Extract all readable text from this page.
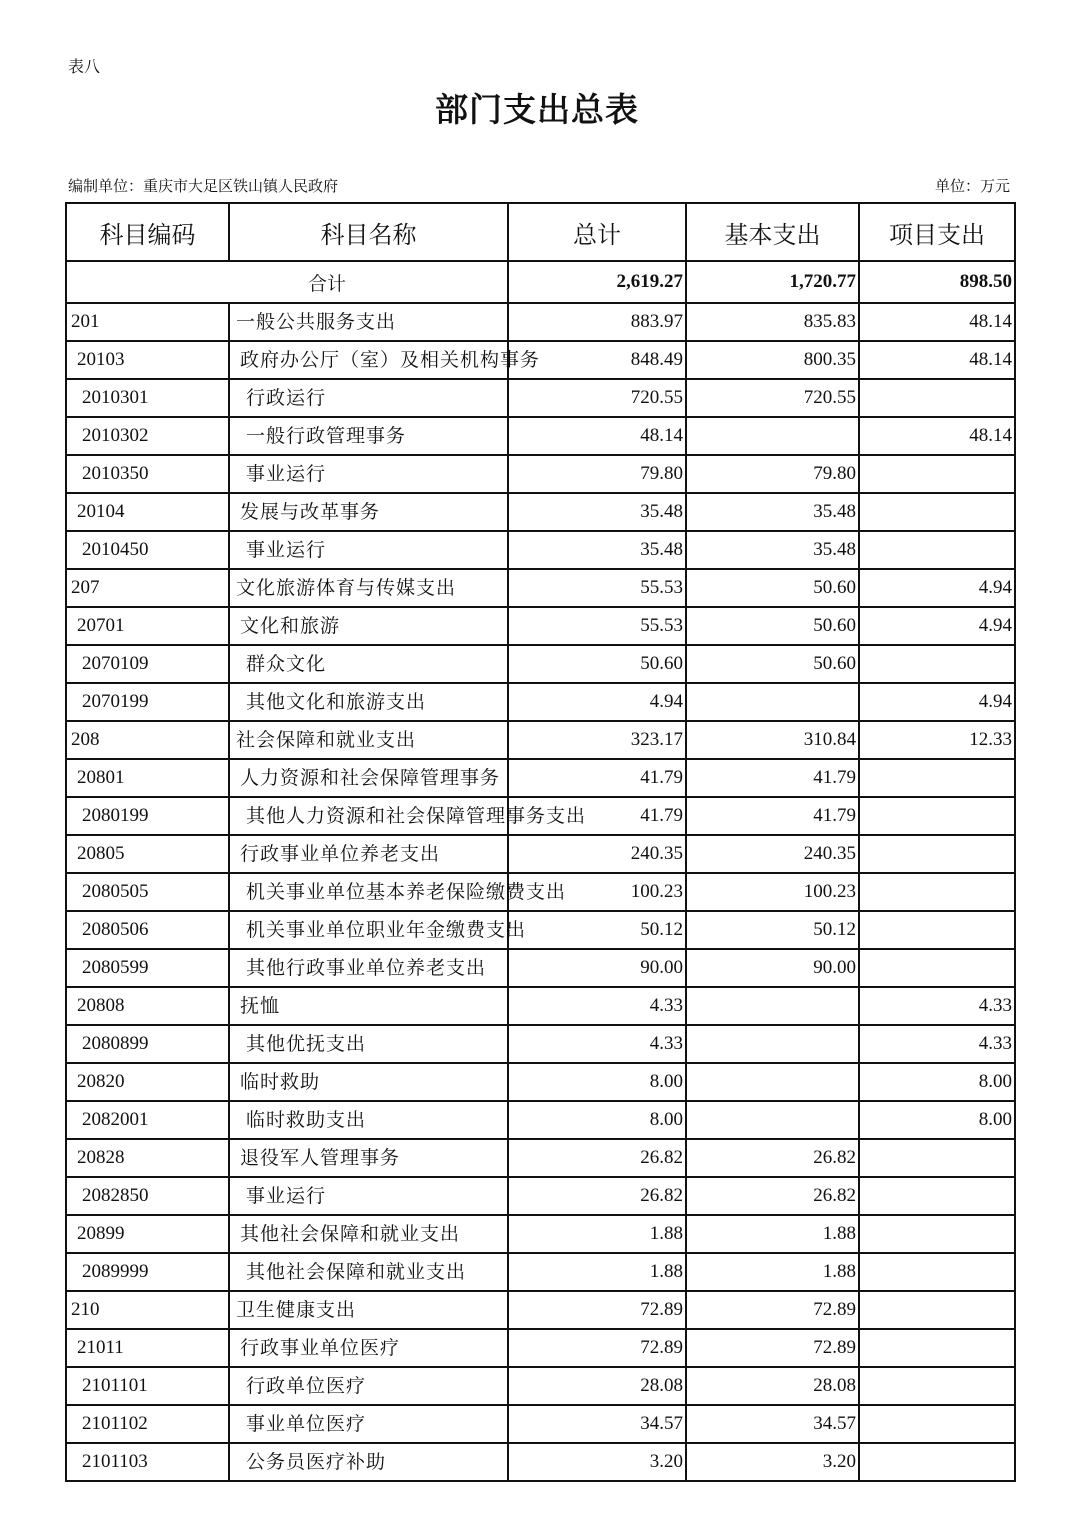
表八
部门支出总表
编制单位：重庆市大足区铁山镇人民政府	单位：万元
科目编码	科目名称	总计	基本支出	项目支出
合计		2,619.27	1,720.77	898.50
201	一般公共服务支出	883.97	835.83	48.14
20103	政府办公厅（室）及相关机构事务	848.49	800.35	48.14
2010301	行政运行	720.55	720.55	
2010302	一般行政管理事务	48.14		48.14
2010350	事业运行	79.80	79.80	
20104	发展与改革事务	35.48	35.48	
2010450	事业运行	35.48	35.48	
207	文化旅游体育与传媒支出	55.53	50.60	4.94
20701	文化和旅游	55.53	50.60	4.94
2070109	群众文化	50.60	50.60	
2070199	其他文化和旅游支出	4.94		4.94
208	社会保障和就业支出	323.17	310.84	12.33
20801	人力资源和社会保障管理事务	41.79	41.79	
2080199	其他人力资源和社会保障管理事务支出	41.79	41.79	
20805	行政事业单位养老支出	240.35	240.35	
2080505	机关事业单位基本养老保险缴费支出	100.23	100.23	
2080506	机关事业单位职业年金缴费支出	50.12	50.12	
2080599	其他行政事业单位养老支出	90.00	90.00	
20808	抚恤	4.33		4.33
2080899	其他优抚支出	4.33		4.33
20820	临时救助	8.00		8.00
2082001	临时救助支出	8.00		8.00
20828	退役军人管理事务	26.82	26.82	
2082850	事业运行	26.82	26.82	
20899	其他社会保障和就业支出	1.88	1.88	
2089999	其他社会保障和就业支出	1.88	1.88	
210	卫生健康支出	72.89	72.89	
21011	行政事业单位医疗	72.89	72.89	
2101101	行政单位医疗	28.08	28.08	
2101102	事业单位医疗	34.57	34.57	
2101103	公务员医疗补助	3.20	3.20	
